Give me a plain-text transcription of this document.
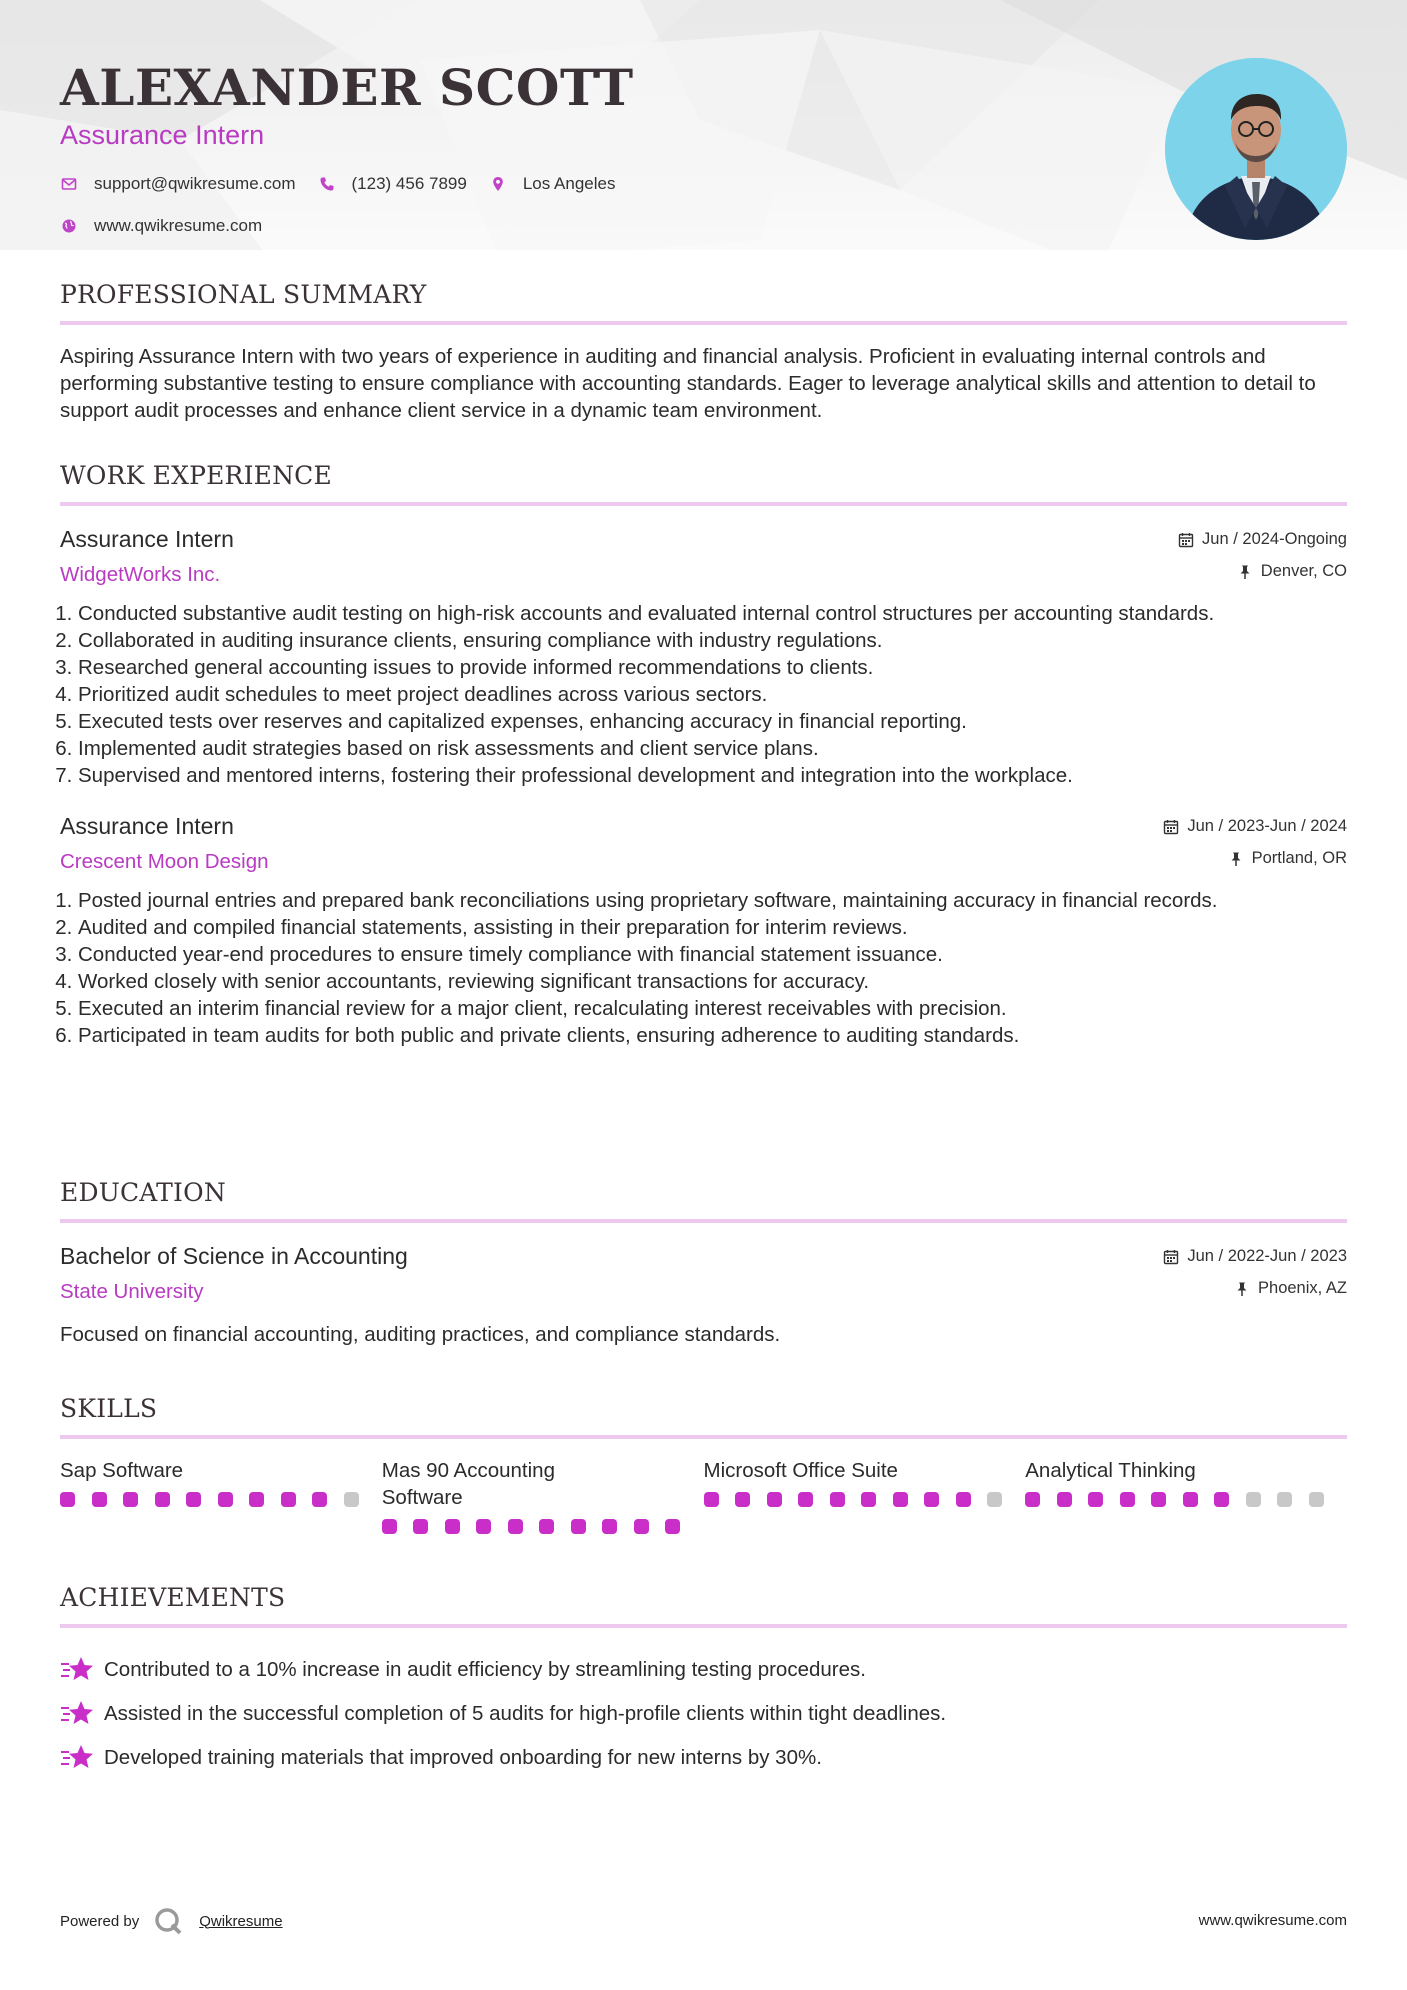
ALEXANDER SCOTT
Assurance Intern
support@qwikresume.com	(123) 456 7899	Los Angeles
www.qwikresume.com
PROFESSIONAL SUMMARY
Aspiring Assurance Intern with two years of experience in auditing and financial analysis. Proficient in evaluating internal controls and performing substantive testing to ensure compliance with accounting standards. Eager to leverage analytical skills and attention to detail to support audit processes and enhance client service in a dynamic team environment.
WORK EXPERIENCE
Assurance Intern
WidgetWorks Inc.
Jun / 2024-Ongoing
Denver, CO
1. Conducted substantive audit testing on high-risk accounts and evaluated internal control structures per accounting standards.
2. Collaborated in auditing insurance clients, ensuring compliance with industry regulations.
3. Researched general accounting issues to provide informed recommendations to clients.
4. Prioritized audit schedules to meet project deadlines across various sectors.
5. Executed tests over reserves and capitalized expenses, enhancing accuracy in financial reporting.
6. Implemented audit strategies based on risk assessments and client service plans.
7. Supervised and mentored interns, fostering their professional development and integration into the workplace.
Assurance Intern
Crescent Moon Design
Jun / 2023-Jun / 2024
Portland, OR
1. Posted journal entries and prepared bank reconciliations using proprietary software, maintaining accuracy in financial records.
2. Audited and compiled financial statements, assisting in their preparation for interim reviews.
3. Conducted year-end procedures to ensure timely compliance with financial statement issuance.
4. Worked closely with senior accountants, reviewing significant transactions for accuracy.
5. Executed an interim financial review for a major client, recalculating interest receivables with precision.
6. Participated in team audits for both public and private clients, ensuring adherence to auditing standards.
EDUCATION
Bachelor of Science in Accounting
State University
Jun / 2022-Jun / 2023
Phoenix, AZ
Focused on financial accounting, auditing practices, and compliance standards.
SKILLS
Sap Software	Mas 90 Accounting Software
Microsoft Office Suite	Analytical Thinking
ACHIEVEMENTS
Contributed to a 10% increase in audit efficiency by streamlining testing procedures.
Assisted in the successful completion of 5 audits for high-profile clients within tight deadlines.
Developed training materials that improved onboarding for new interns by 30%.
Powered by	Qwikresume	www.qwikresume.com
